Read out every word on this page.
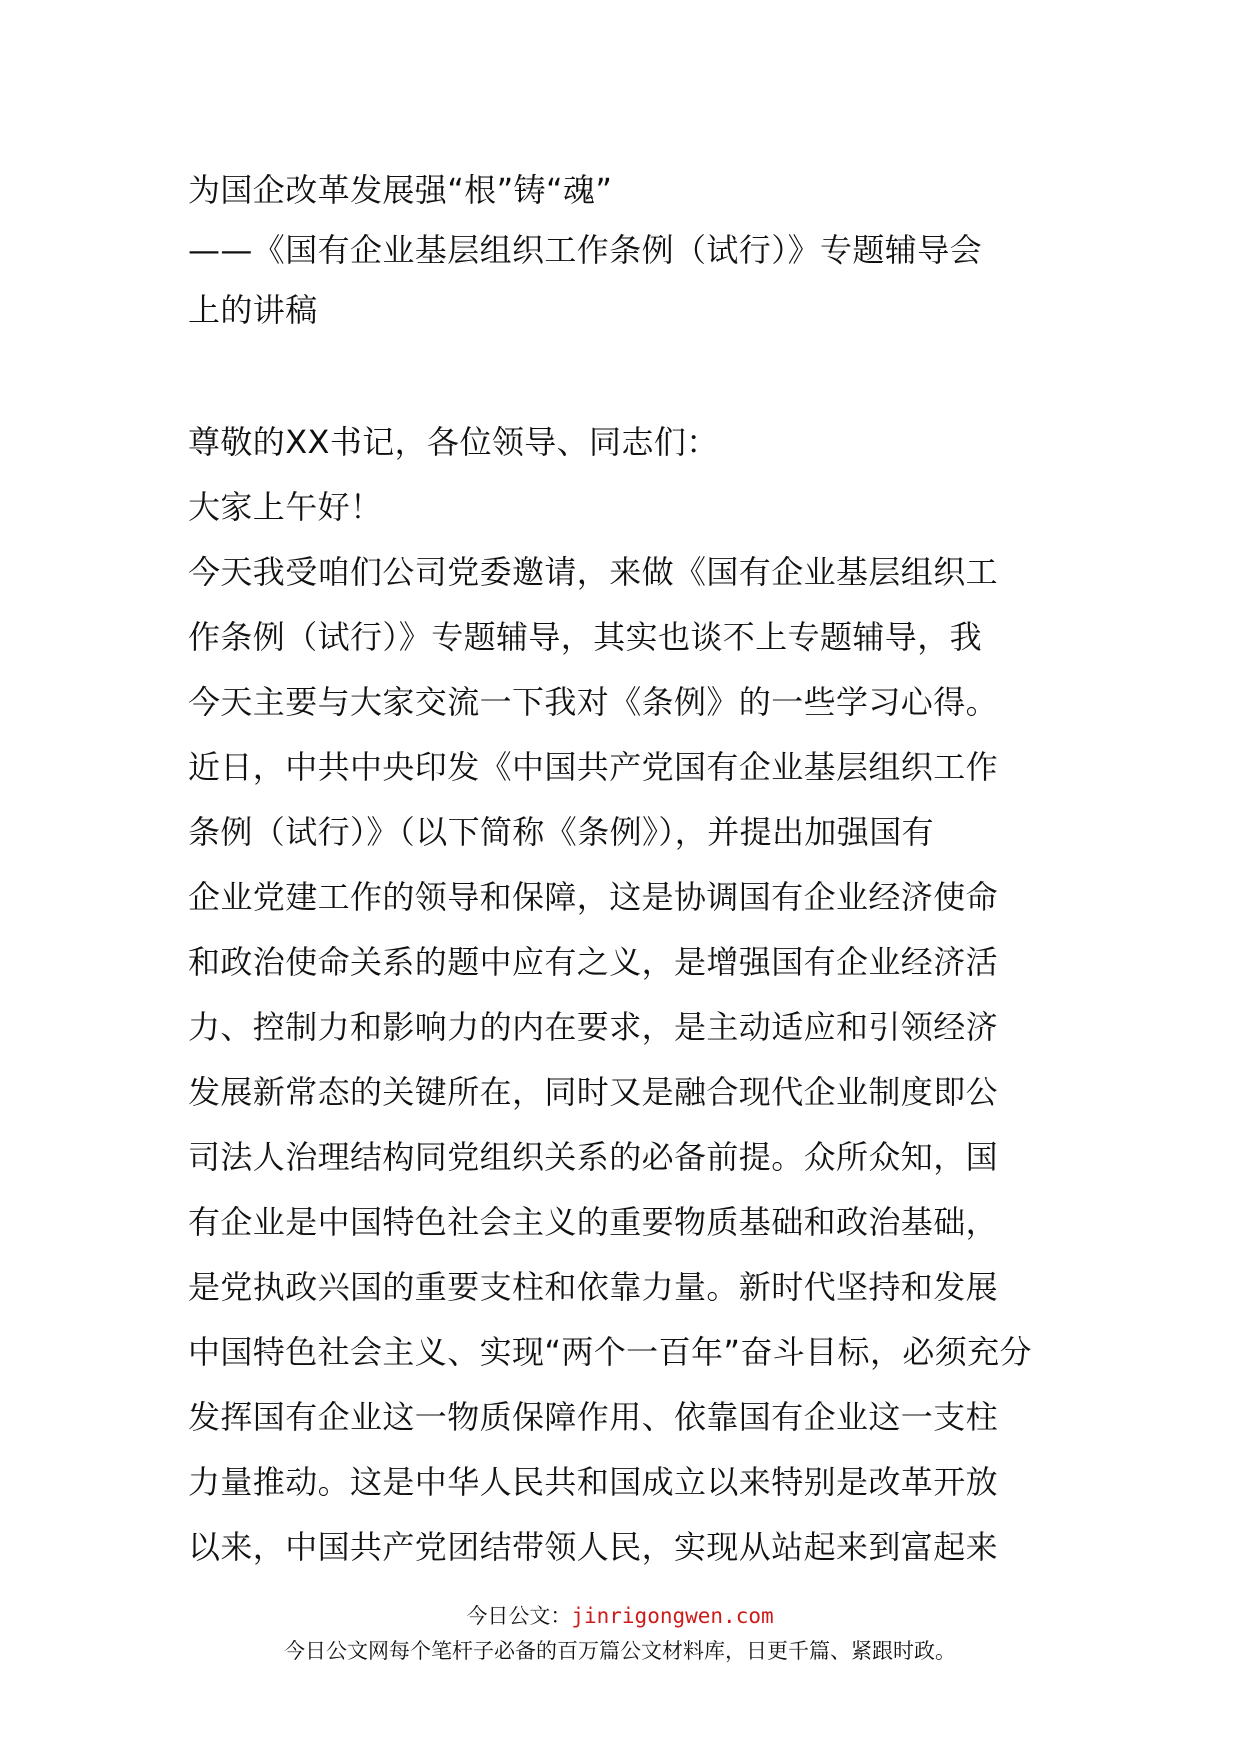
为国企改革发展强“根”铸“魂”
——《国有企业基层组织工作条例（试行）》专题辅导会
上的讲稿
尊敬的XX书记，各位领导、同志们：
大家上午好！
今天我受咱们公司党委邀请，来做《国有企业基层组织工
作条例（试行）》专题辅导，其实也谈不上专题辅导，我
今天主要与大家交流一下我对《条例》的一些学习心得。
近日，中共中央印发《中国共产党国有企业基层组织工作
条例（试行）》（以下简称《条例》），并提出加强国有
企业党建工作的领导和保障，这是协调国有企业经济使命
和政治使命关系的题中应有之义，是增强国有企业经济活
力、控制力和影响力的内在要求，是主动适应和引领经济
发展新常态的关键所在，同时又是融合现代企业制度即公
司法人治理结构同党组织关系的必备前提。众所众知，国
有企业是中国特色社会主义的重要物质基础和政治基础，
是党执政兴国的重要支柱和依靠力量。新时代坚持和发展
中国特色社会主义、实现“两个一百年”奋斗目标，必须充分
发挥国有企业这一物质保障作用、依靠国有企业这一支柱
力量推动。这是中华人民共和国成立以来特别是改革开放
以来，中国共产党团结带领人民，实现从站起来到富起来
今日公文：jinrigongwen.com
今日公文网每个笔杆子必备的百万篇公文材料库，日更千篇、紧跟时政。
